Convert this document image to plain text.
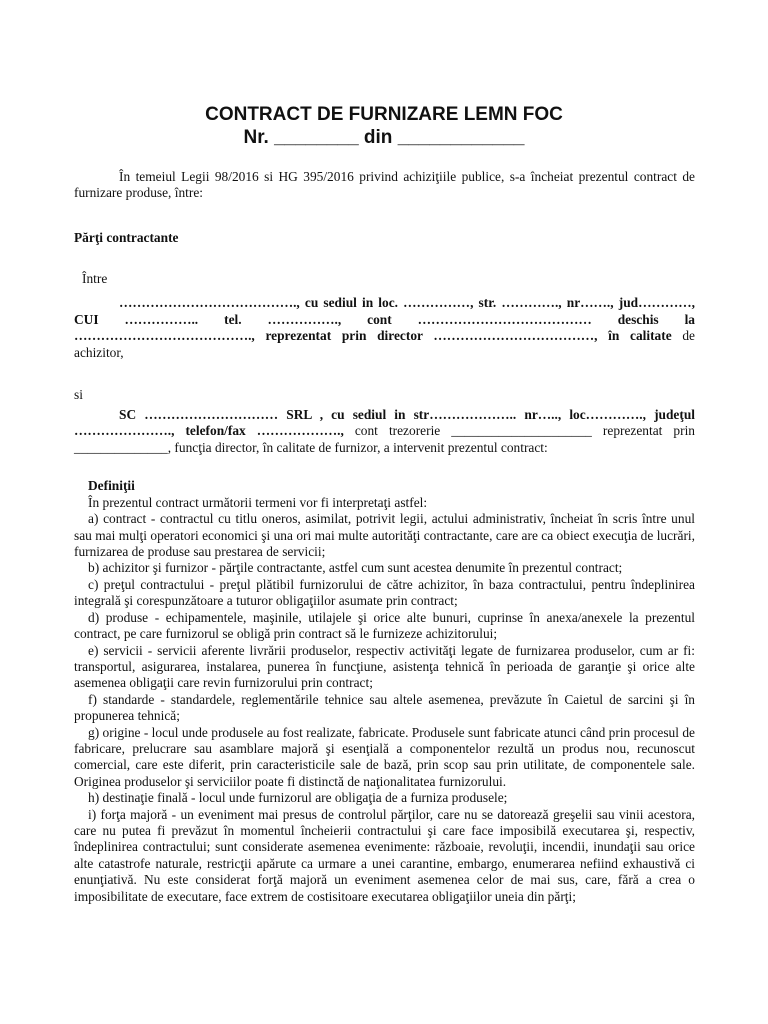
CONTRACT DE FURNIZARE LEMN FOC
Nr. ________ din ____________

În temeiul Legii 98/2016 si HG 395/2016 privind achiziţiile publice, s-a încheiat prezentul contract de furnizare produse, între:

Părţi contractante

Între

…………………………………., cu sediul in loc. ……………, str. …………., nr……., jud…………, CUI …………….. tel. ……………., cont ………………………………… deschis la …………………………………., reprezentat prin director ………………………………, în calitate de achizitor,

si

SC ………………………… SRL , cu sediul in str……………….. nr….., loc…………., judeţul …………………., telefon/fax ………………., cont trezorerie _____________________ reprezentat prin ______________, funcţia director, în calitate de furnizor, a intervenit prezentul contract:

Definiţii

În prezentul contract următorii termeni vor fi interpretaţi astfel:

a) contract - contractul cu titlu oneros, asimilat, potrivit legii, actului administrativ, încheiat în scris între unul sau mai mulţi operatori economici şi una ori mai multe autorităţi contractante, care are ca obiect execuţia de lucrări, furnizarea de produse sau prestarea de servicii;

b) achizitor şi furnizor - părţile contractante, astfel cum sunt acestea denumite în prezentul contract;

c) preţul contractului - preţul plătibil furnizorului de către achizitor, în baza contractului, pentru îndeplinirea integrală şi corespunzătoare a tuturor obligaţiilor asumate prin contract;

d) produse - echipamentele, maşinile, utilajele şi orice alte bunuri, cuprinse în anexa/anexele la prezentul contract, pe care furnizorul se obligă prin contract să le furnizeze achizitorului;

e) servicii - servicii aferente livrării produselor, respectiv activităţi legate de furnizarea produselor, cum ar fi: transportul, asigurarea, instalarea, punerea în funcţiune, asistenţa tehnică în perioada de garanţie şi orice alte asemenea obligaţii care revin furnizorului prin contract;

f) standarde - standardele, reglementările tehnice sau altele asemenea, prevăzute în Caietul de sarcini şi în propunerea tehnică;

g) origine - locul unde produsele au fost realizate, fabricate. Produsele sunt fabricate atunci când prin procesul de fabricare, prelucrare sau asamblare majoră şi esenţială a componentelor rezultă un produs nou, recunoscut comercial, care este diferit, prin caracteristicile sale de bază, prin scop sau prin utilitate, de componentele sale. Originea produselor şi serviciilor poate fi distinctă de naţionalitatea furnizorului.

h) destinaţie finală - locul unde furnizorul are obligaţia de a furniza produsele;

i) forţa majoră - un eveniment mai presus de controlul părţilor, care nu se datorează greşelii sau vinii acestora, care nu putea fi prevăzut în momentul încheierii contractului şi care face imposibilă executarea şi, respectiv, îndeplinirea contractului; sunt considerate asemenea evenimente: războaie, revoluţii, incendii, inundaţii sau orice alte catastrofe naturale, restricţii apărute ca urmare a unei carantine, embargo, enumerarea nefiind exhaustivă ci enunţiativă. Nu este considerat forţă majoră un eveniment asemenea celor de mai sus, care, fără a crea o imposibilitate de executare, face extrem de costisitoare executarea obligaţiilor uneia din părţi;
